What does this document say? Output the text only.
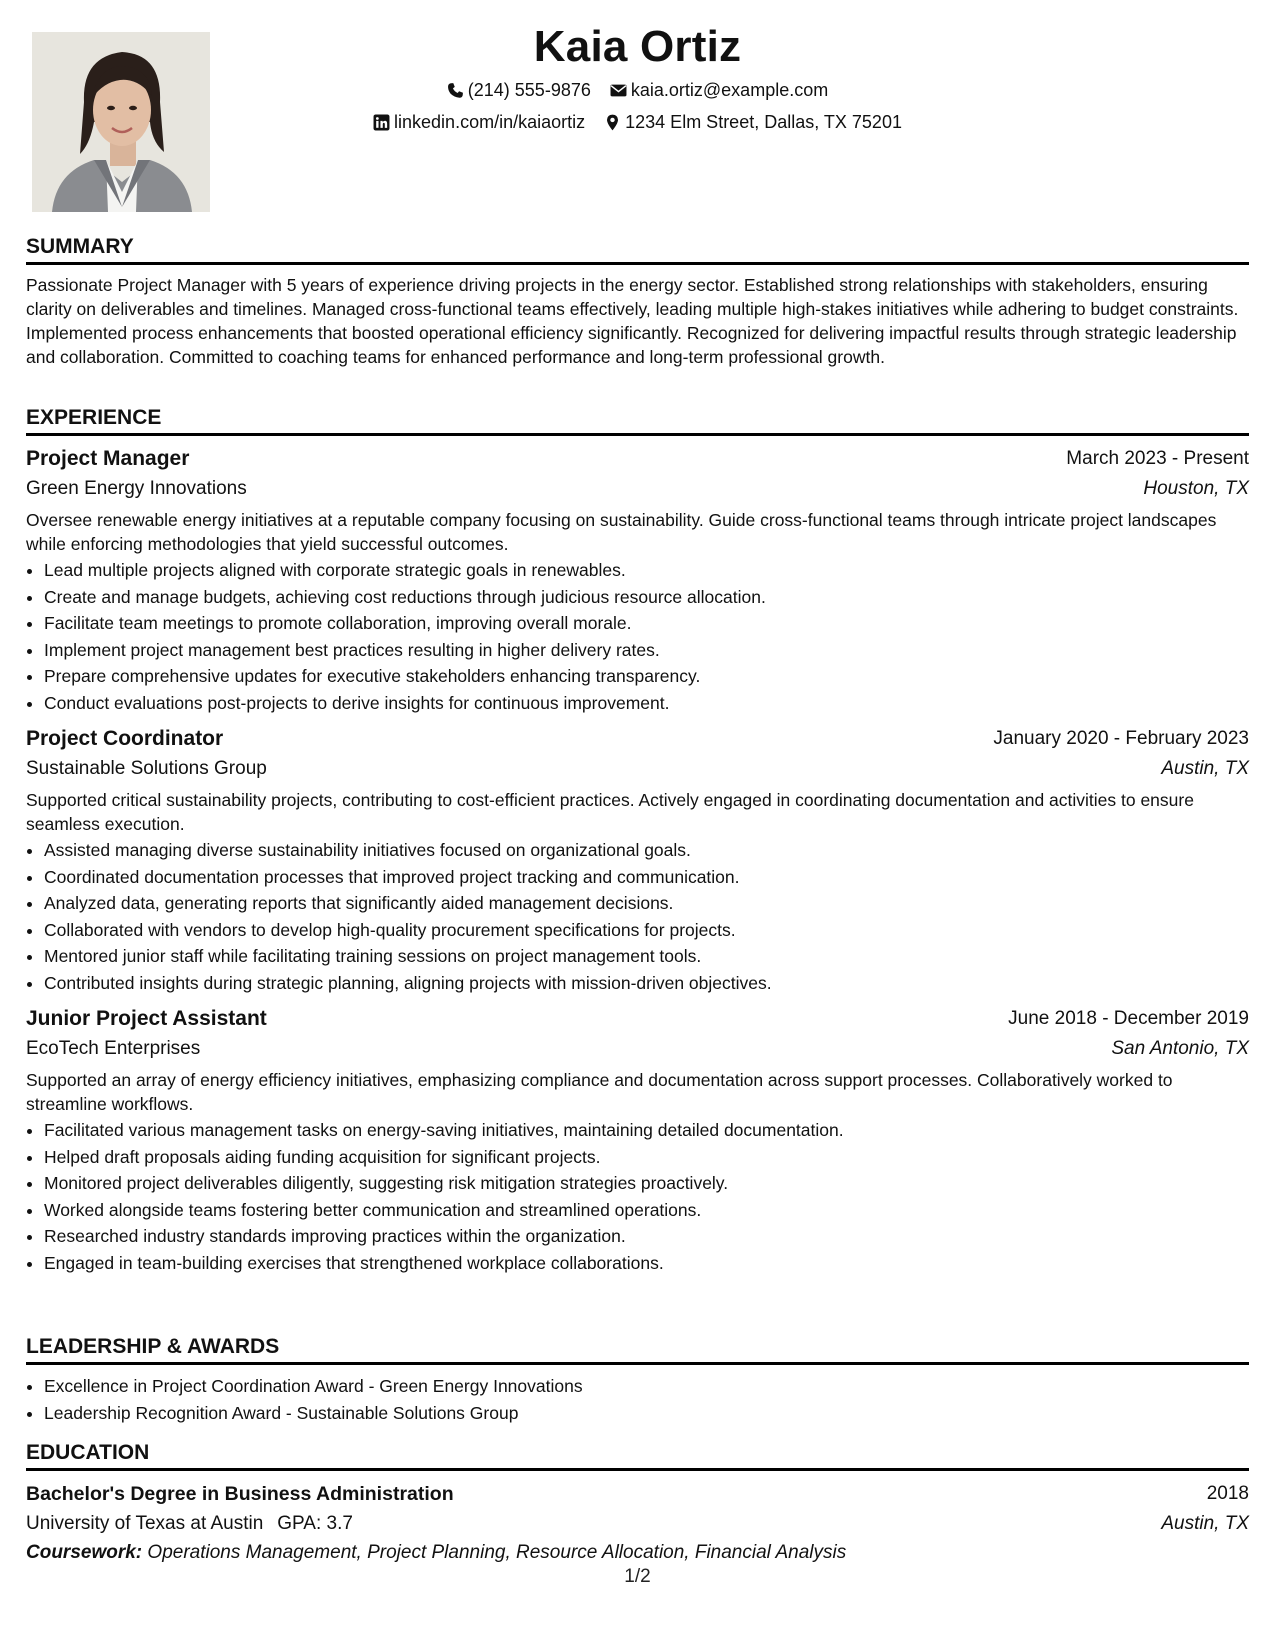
Kaia Ortiz
(214) 555-9876
kaia.ortiz@example.com
linkedin.com/in/kaiaortiz
1234 Elm Street, Dallas, TX 75201
SUMMARY

Passionate Project Manager with 5 years of experience driving projects in the energy sector. Established strong relationships with stakeholders, ensuring clarity on deliverables and timelines. Managed cross-functional teams effectively, leading multiple high-stakes initiatives while adhering to budget constraints. Implemented process enhancements that boosted operational efficiency significantly. Recognized for delivering impactful results through strategic leadership and collaboration. Committed to coaching teams for enhanced performance and long-term professional growth.

EXPERIENCE
Project Manager	March 2023 - Present
Green Energy Innovations	Houston, TX

Oversee renewable energy initiatives at a reputable company focusing on sustainability. Guide cross-functional teams through intricate project landscapes while enforcing methodologies that yield successful outcomes.

• Lead multiple projects aligned with corporate strategic goals in renewables.
• Create and manage budgets, achieving cost reductions through judicious resource allocation.
• Facilitate team meetings to promote collaboration, improving overall morale.
• Implement project management best practices resulting in higher delivery rates.
• Prepare comprehensive updates for executive stakeholders enhancing transparency.
• Conduct evaluations post-projects to derive insights for continuous improvement.
Project Coordinator	January 2020 - February 2023
Sustainable Solutions Group	Austin, TX

Supported critical sustainability projects, contributing to cost-efficient practices. Actively engaged in coordinating documentation and activities to ensure seamless execution.

• Assisted managing diverse sustainability initiatives focused on organizational goals.
• Coordinated documentation processes that improved project tracking and communication.
• Analyzed data, generating reports that significantly aided management decisions.
• Collaborated with vendors to develop high-quality procurement specifications for projects.
• Mentored junior staff while facilitating training sessions on project management tools.
• Contributed insights during strategic planning, aligning projects with mission-driven objectives.
Junior Project Assistant	June 2018 - December 2019
EcoTech Enterprises	San Antonio, TX

Supported an array of energy efficiency initiatives, emphasizing compliance and documentation across support processes. Collaboratively worked to streamline workflows.

• Facilitated various management tasks on energy-saving initiatives, maintaining detailed documentation.
• Helped draft proposals aiding funding acquisition for significant projects.
• Monitored project deliverables diligently, suggesting risk mitigation strategies proactively.
• Worked alongside teams fostering better communication and streamlined operations.
• Researched industry standards improving practices within the organization.
• Engaged in team-building exercises that strengthened workplace collaborations.
LEADERSHIP & AWARDS
• Excellence in Project Coordination Award - Green Energy Innovations
• Leadership Recognition Award - Sustainable Solutions Group
EDUCATION
Bachelor's Degree in Business Administration	2018
University of Texas at Austin GPA: 3.7	Austin, TX
Coursework: Operations Management, Project Planning, Resource Allocation, Financial Analysis
1/2
